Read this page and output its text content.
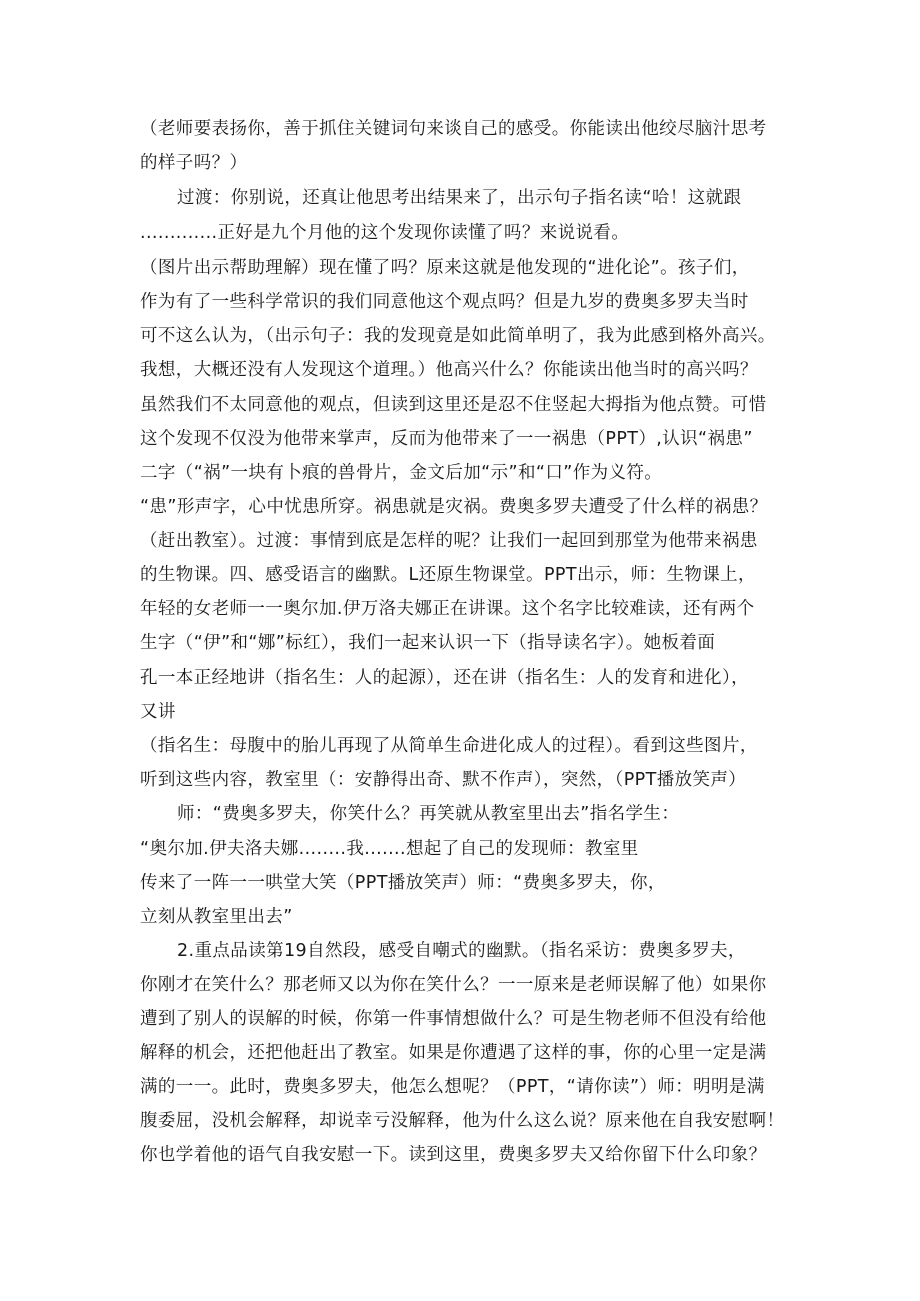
（老师要表扬你，善于抓住关键词句来谈自己的感受。你能读出他绞尽脑汁思考
的样子吗？）
过渡：你别说，还真让他思考出结果来了，出示句子指名读“哈！这就跟
.............正好是九个月他的这个发现你读懂了吗？来说说看。
（图片出示帮助理解）现在懂了吗？原来这就是他发现的“进化论”。孩子们，
作为有了一些科学常识的我们同意他这个观点吗？但是九岁的费奥多罗夫当时
可不这么认为，（出示句子：我的发现竟是如此简单明了，我为此感到格外高兴。
我想，大概还没有人发现这个道理。）他高兴什么？你能读出他当时的高兴吗？
虽然我们不太同意他的观点，但读到这里还是忍不住竖起大拇指为他点赞。可惜
这个发现不仅没为他带来掌声，反而为他带来了一一祸患（PPT）,认识“祸患”
二字（“祸”一块有卜痕的兽骨片，金文后加“示”和“口”作为义符。
“患”形声字，心中忧患所穿。祸患就是灾祸。费奥多罗夫遭受了什么样的祸患？
（赶出教室）。过渡：事情到底是怎样的呢？让我们一起回到那堂为他带来祸患
的生物课。四、感受语言的幽默。L还原生物课堂。PPT出示，师：生物课上，
年轻的女老师一一奥尔加.伊万洛夫娜正在讲课。这个名字比较难读，还有两个
生字（“伊”和“娜”标红），我们一起来认识一下（指导读名字）。她板着面
孔一本正经地讲（指名生：人的起源），还在讲（指名生：人的发育和进化），
又讲
（指名生：母腹中的胎儿再现了从简单生命进化成人的过程）。看到这些图片，
听到这些内容，教室里（：安静得出奇、默不作声），突然，（PPT播放笑声）
师：“费奥多罗夫，你笑什么？再笑就从教室里出去”指名学生：
“奥尔加.伊夫洛夫娜........我.......想起了自己的发现师：教室里
传来了一阵一一哄堂大笑（PPT播放笑声）师：“费奥多罗夫，你，
立刻从教室里出去”
2.重点品读第19自然段，感受自嘲式的幽默。（指名采访：费奥多罗夫，
你刚才在笑什么？那老师又以为你在笑什么？一一原来是老师误解了他）如果你
遭到了别人的误解的时候，你第一件事情想做什么？可是生物老师不但没有给他
解释的机会，还把他赶出了教室。如果是你遭遇了这样的事，你的心里一定是满
满的一一。此时，费奥多罗夫，他怎么想呢？（PPT，“请你读”）师：明明是满
腹委屈，没机会解释，却说幸亏没解释，他为什么这么说？原来他在自我安慰啊！
你也学着他的语气自我安慰一下。读到这里，费奥多罗夫又给你留下什么印象？
